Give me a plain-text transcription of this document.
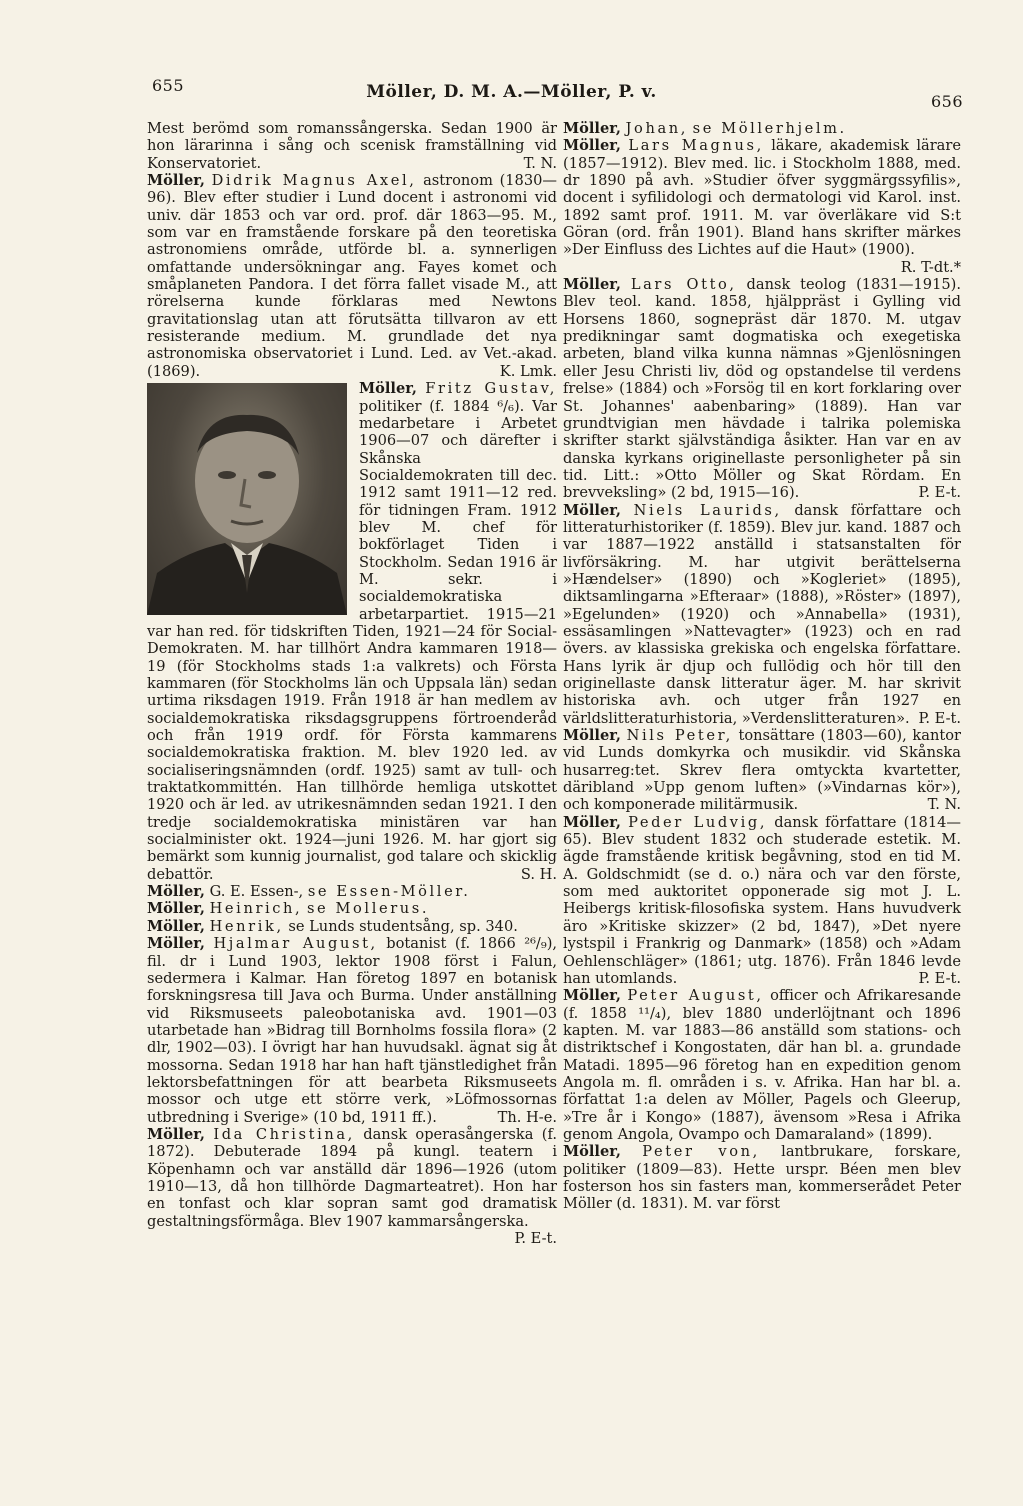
655	Möller, D. M. A.—Möller, P. v.	656

Mest berömd som romanssångerska. Sedan 1900 är hon lärarinna i sång och scenisk framställning vid Konservatoriet.	T. N.

Möller, Didrik Magnus Axel, astronom (1830—96). Blev efter studier i Lund docent i astronomi vid univ. där 1853 och var ord. prof. där 1863—95. M., som var en framstående forskare på den teoretiska astronomiens område, utförde bl. a. synnerligen omfattande undersökningar ang. Fayes komet och småplaneten Pandora. I det förra fallet visade M., att rörelserna kunde förklaras med Newtons gravitationslag utan att förutsätta tillvaron av ett resisterande medium. M. grundlade det nya astronomiska observatoriet i Lund. Led. av Vet.-akad. (1869).	K. Lmk.

Möller, Fritz Gustav,
politiker (f. 1884 ⁶/₆). Var medarbetare i Arbetet 1906—07 och därefter i Skånska Socialdemokraten till dec. 1912 samt 1911—12 red. för tidningen Fram. 1912 blev M. chef för bokförlaget Tiden i Stockholm. Sedan 1916 är M. sekr. i socialdemokratiska arbetarpartiet. 1915—21 var han red. för tidskriften Tiden, 1921—24 för Social-Demokraten. M. har tillhört Andra kammaren 1918—19 (för Stockholms stads 1:a valkrets) och Första kammaren (för Stockholms län och Uppsala län) sedan urtima riksdagen 1919. Från 1918 är han medlem av socialdemokratiska riksdagsgruppens förtroenderåd och från 1919 ordf. för Första kammarens socialdemokratiska fraktion. M. blev 1920 led. av socialiseringsnämnden (ordf. 1925) samt av tull- och traktatkommittén. Han tillhörde hemliga utskottet 1920 och är led. av utrikesnämnden sedan 1921. I den tredje socialdemokratiska ministären var han socialminister okt. 1924—juni 1926. M. har gjort sig bemärkt som kunnig journalist, god talare och skicklig debattör.	S. H.

Möller, G. E. Essen-, se Essen-Möller.

Möller, Heinrich, se Mollerus.

Möller, Henrik, se Lunds studentsång, sp. 340.

Möller, Hjalmar August, botanist (f. 1866 ²⁶/₉), fil. dr i Lund 1903, lektor 1908 först i Falun, sedermera i Kalmar. Han företog 1897 en botanisk forskningsresa till Java och Burma. Under anställning vid Riksmuseets paleobotaniska avd. 1901—03 utarbetade han »Bidrag till Bornholms fossila flora» (2 dlr, 1902—03). I övrigt har han huvudsakl. ägnat sig åt mossorna. Sedan 1918 har han haft tjänstledighet från lektorsbefattningen för att bearbeta Riksmuseets mossor och utge ett större verk, »Löfmossornas utbredning i Sverige» (10 bd, 1911 ff.).	Th. H-e.

Möller, Ida Christina, dansk operasångerska (f. 1872). Debuterade 1894 på kungl. teatern i Köpenhamn och var anställd där 1896—1926 (utom 1910—13, då hon tillhörde Dagmarteatret). Hon har en tonfast och klar sopran samt god dramatisk gestaltningsförmåga. Blev 1907 kammarsångerska.
P. E-t.

Möller, Johan, se Möllerhjelm.

Möller, Lars Magnus, läkare, akademisk lärare (1857—1912). Blev med. lic. i Stockholm 1888, med. dr 1890 på avh. »Studier öfver syggmärgssyfilis», docent i syfilidologi och dermatologi vid Karol. inst. 1892 samt prof. 1911. M. var överläkare vid S:t Göran (ord. från 1901). Bland hans skrifter märkes »Der Einfluss des Lichtes auf die Haut» (1900).
R. T-dt.*

Möller, Lars Otto, dansk teolog (1831—1915). Blev teol. kand. 1858, hjälppräst i Gylling vid Horsens 1860, sognepräst där 1870. M. utgav predikningar samt dogmatiska och exegetiska arbeten, bland vilka kunna nämnas »Gjenlösningen eller Jesu Christi liv, död og opstandelse til verdens frelse» (1884) och »Forsög til en kort forklaring over St. Johannes' aabenbaring» (1889). Han var grundtvigian men hävdade i talrika polemiska skrifter starkt självständiga åsikter. Han var en av danska kyrkans originellaste personligheter på sin tid. Litt.: »Otto Möller og Skat Rördam. En brevveksling» (2 bd, 1915—16).	P. E-t.

Möller, Niels Laurids, dansk författare och litteraturhistoriker (f. 1859). Blev jur. kand. 1887 och var 1887—1922 anställd i statsanstalten för livförsäkring. M. har utgivit berättelserna »Hændelser» (1890) och »Kogleriet» (1895), diktsamlingarna »Efteraar» (1888), »Röster» (1897), »Egelunden» (1920) och »Annabella» (1931), essäsamlingen »Nattevagter» (1923) och en rad övers. av klassiska grekiska och engelska författare. Hans lyrik är djup och fullödig och hör till den originellaste dansk litteratur äger. M. har skrivit historiska avh. och utger från 1927 en världslitteraturhistoria, »Verdenslitteraturen». P. E-t.

Möller, Nils Peter, tonsättare (1803—60), kantor vid Lunds domkyrka och musikdir. vid Skånska husarreg:tet. Skrev flera omtyckta kvartetter, däribland »Upp genom luften» (»Vindarnas kör»), och komponerade militärmusik.	T. N.

Möller, Peder Ludvig, dansk författare (1814—65). Blev student 1832 och studerade estetik. M. ägde framstående kritisk begåvning, stod en tid M. A. Goldschmidt (se d. o.) nära och var den förste, som med auktoritet opponerade sig mot J. L. Heibergs kritisk-filosofiska system. Hans huvudverk äro »Kritiske skizzer» (2 bd, 1847), »Det nyere lystspil i Frankrig og Danmark» (1858) och »Adam Oehlenschläger» (1861; utg. 1876). Från 1846 levde han utomlands.	P. E-t.

Möller, Peter August, officer och Afrikaresande (f. 1858 ¹¹/₄), blev 1880 underlöjtnant och 1896 kapten. M. var 1883—86 anställd som stations- och distriktschef i Kongostaten, där han bl. a. grundade Matadi. 1895—96 företog han en expedition genom Angola m. fl. områden i s. v. Afrika. Han har bl. a. författat 1:a delen av Möller, Pagels och Gleerup, »Tre år i Kongo» (1887), ävensom »Resa i Afrika genom Angola, Ovampo och Damaraland» (1899).

Möller, Peter von, lantbrukare, forskare, politiker (1809—83). Hette urspr. Béen men blev fosterson hos sin fasters man, kommerserådet Peter Möller (d. 1831). M. var först
